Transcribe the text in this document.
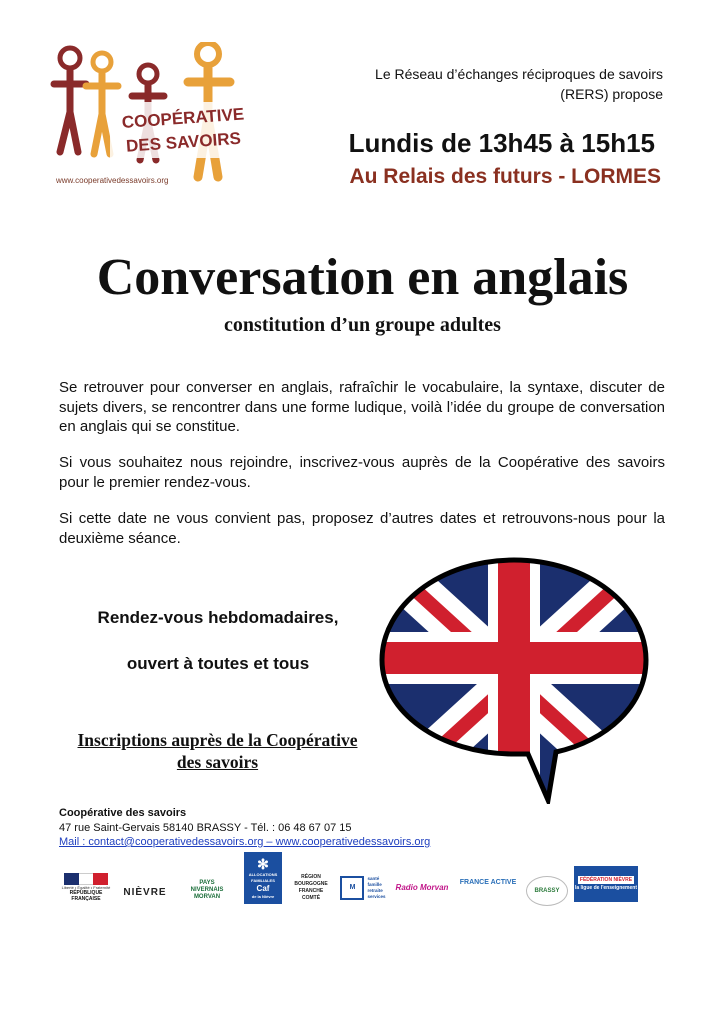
COOPÉRATIVE
DES SAVOIRS
www.cooperativedessavoirs.org
Le Réseau d’échanges réciproques de savoirs
(RERS) propose
Lundis de 13h45 à 15h15
Au Relais des futurs - LORMES
Conversation en anglais
constitution d’un groupe adultes
Se retrouver pour converser en anglais, rafraîchir le vocabulaire, la syntaxe, discuter de sujets divers, se rencontrer dans une forme ludique, voilà l’idée du groupe de conversation en anglais qui se constitue.
Si vous souhaitez nous rejoindre, inscrivez-vous auprès de la Coopérative des savoirs pour le premier rendez-vous.
Si cette date ne vous convient pas, proposez d’autres dates et retrouvons-nous pour la deuxième séance.
Rendez-vous hebdomadaires,
ouvert à toutes et tous
Inscriptions auprès de la Coopérative
des savoirs
Coopérative des savoirs
47 rue Saint-Gervais 58140 BRASSY - Tél. : 06 48 67 07 15
Mail : contact@cooperativedessavoirs.org – www.cooperativedessavoirs.org
Liberté • Égalité • Fraternité
RÉPUBLIQUE FRANÇAISE
NIÈVRE
PAYS
NIVERNAIS
MORVAN
✻
ALLOCATIONS FAMILIALES
Caf
de la Nièvre
RÉGION
BOURGOGNE
FRANCHE
COMTÉ
M
santé
famille
retraite
services
Radio Morvan
FRANCE ACTIVE
BRASSY
FÉDÉRATION NIÈVRE
la ligue de l'enseignement
